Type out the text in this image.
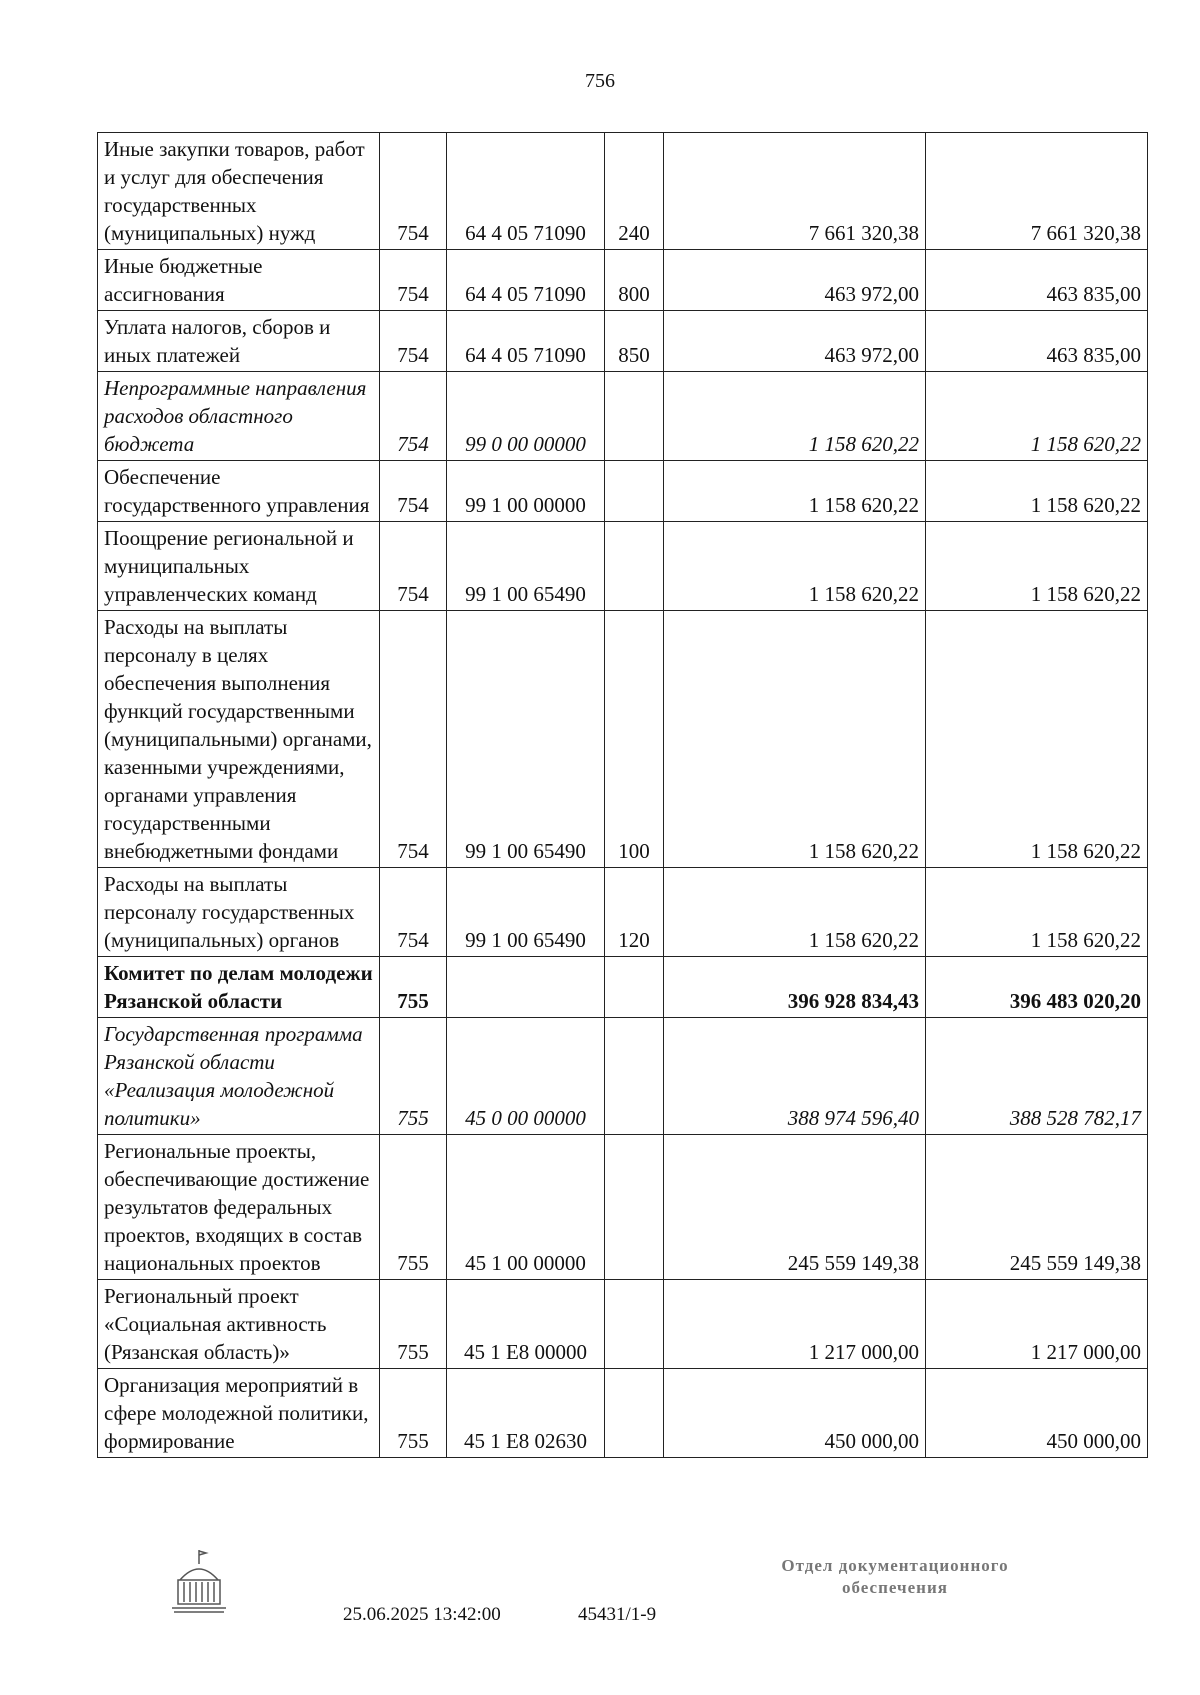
756
Иные закупки товаров, работ и услуг для обеспечения государственных (муниципальных) нужд	754	64 4 05 71090	240	7 661 320,38	7 661 320,38
Иные бюджетные ассигнования	754	64 4 05 71090	800	463 972,00	463 835,00
Уплата налогов, сборов и иных платежей	754	64 4 05 71090	850	463 972,00	463 835,00
Непрограммные направления расходов областного бюджета	754	99 0 00 00000		1 158 620,22	1 158 620,22
Обеспечение государственного управления	754	99 1 00 00000		1 158 620,22	1 158 620,22
Поощрение региональной и муниципальных управленческих команд	754	99 1 00 65490		1 158 620,22	1 158 620,22
Расходы на выплаты персоналу в целях обеспечения выполнения функций государственными (муниципальными) органами, казенными учреждениями, органами управления государственными внебюджетными фондами	754	99 1 00 65490	100	1 158 620,22	1 158 620,22
Расходы на выплаты персоналу государственных (муниципальных) органов	754	99 1 00 65490	120	1 158 620,22	1 158 620,22
Комитет по делам молодежи Рязанской области	755			396 928 834,43	396 483 020,20
Государственная программа Рязанской области «Реализация молодежной политики»	755	45 0 00 00000		388 974 596,40	388 528 782,17
Региональные проекты, обеспечивающие достижение результатов федеральных проектов, входящих в состав национальных проектов	755	45 1 00 00000		245 559 149,38	245 559 149,38
Региональный проект «Социальная активность (Рязанская область)»	755	45 1 E8 00000		1 217 000,00	1 217 000,00
Организация мероприятий в сфере молодежной политики, формирование	755	45 1 E8 02630		450 000,00	450 000,00
25.06.2025 13:42:00	45431/1-9
Отдел документационного
обеспечения
